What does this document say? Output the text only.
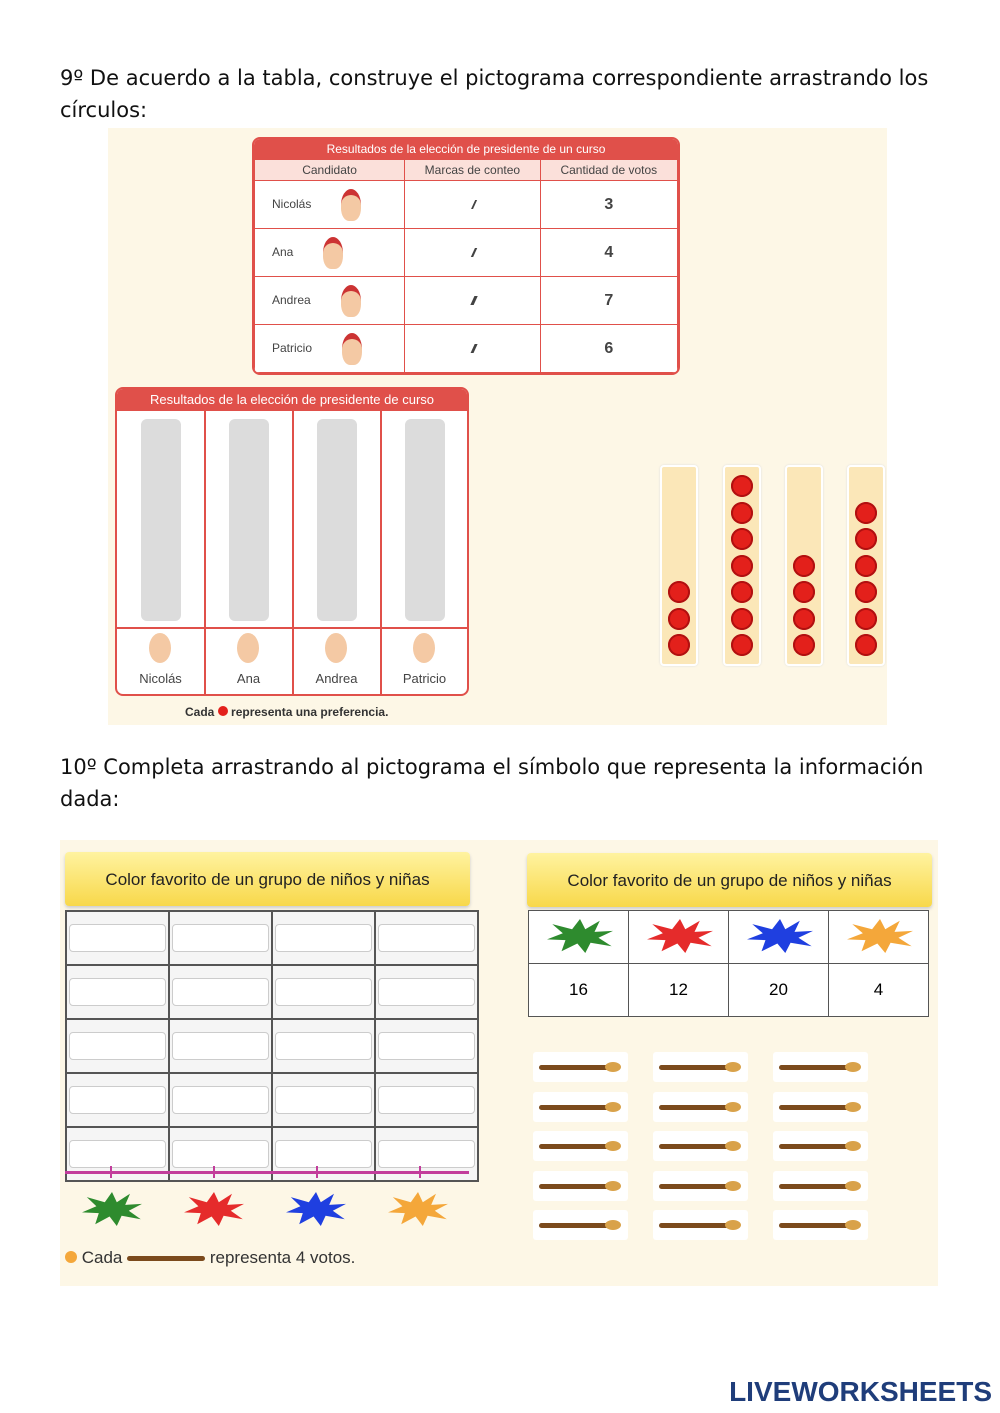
9º De acuerdo a la tabla, construye el pictograma correspondiente arrastrando los círculos:
Resultados de la elección de presidente de un curso
Candidato	Marcas de conteo	Cantidad de votos
Nicolás	////	3
Ana	/////	4
Andrea	////////	7
Patricio	///////	6
Resultados de la elección de presidente de curso
Nicolás	Ana	Andrea	Patricio
Cada representa una preferencia.
10º Completa arrastrando al pictograma el símbolo que representa la información dada:
Color favorito de un grupo de niños y niñas

Cada	representa 4 votos.
Color favorito de un grupo de niños y niñas

16	12	20	4
LIVEWORKSHEETS
